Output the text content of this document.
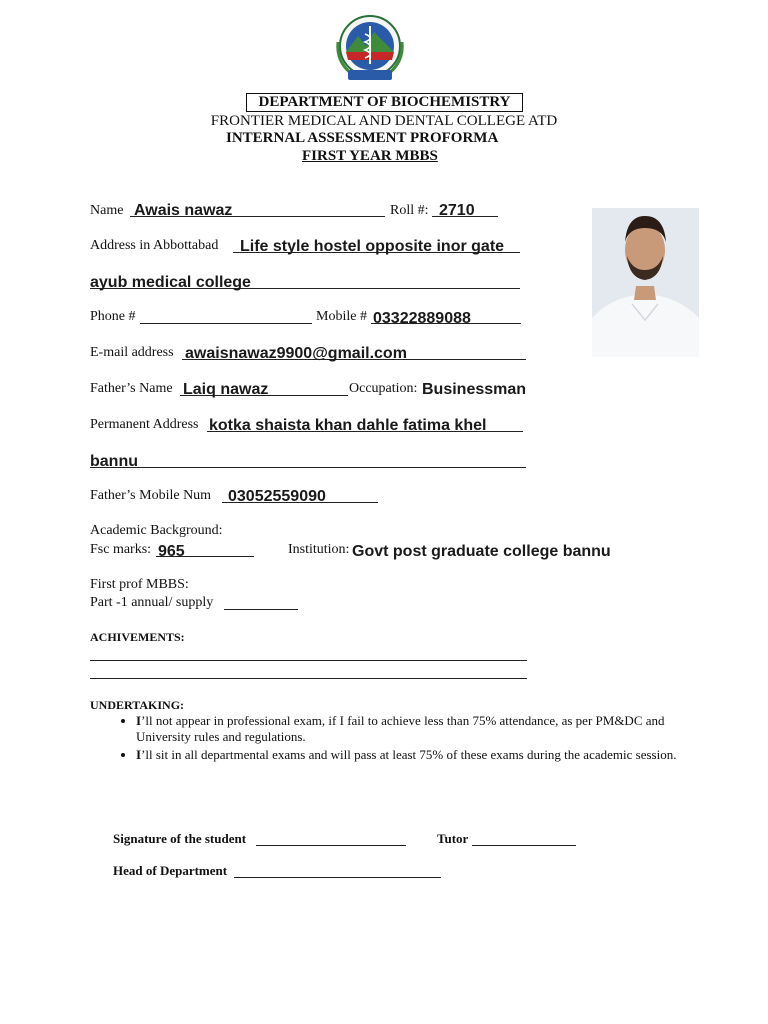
DEPARTMENT OF BIOCHEMISTRY
FRONTIER MEDICAL AND DENTAL COLLEGE ATD
INTERNAL ASSESSMENT PROFORMA
FIRST YEAR MBBS
Name Awais nawaz	Roll #: 2710
Address in Abbottabad Life style hostel opposite inor gate
ayub medical college
Phone #	Mobile # 03322889088
E-mail address awaisnawaz9900@gmail.com
Father’s Name Laiq nawaz	Occupation: Businessman
Permanent Address kotka shaista khan dahle fatima khel
bannu
Father’s Mobile Num 03052559090
Academic Background:
Fsc marks: 965	Institution: Govt post graduate college bannu
First prof MBBS:
Part -1 annual/ supply
ACHIVEMENTS:
UNDERTAKING:
• I’ll not appear in professional exam, if I fail to achieve less than 75% attendance, as per PM&DC and University rules and regulations.
• I’ll sit in all departmental exams and will pass at least 75% of these exams during the academic session.
Signature of the student	Tutor
Head of Department
